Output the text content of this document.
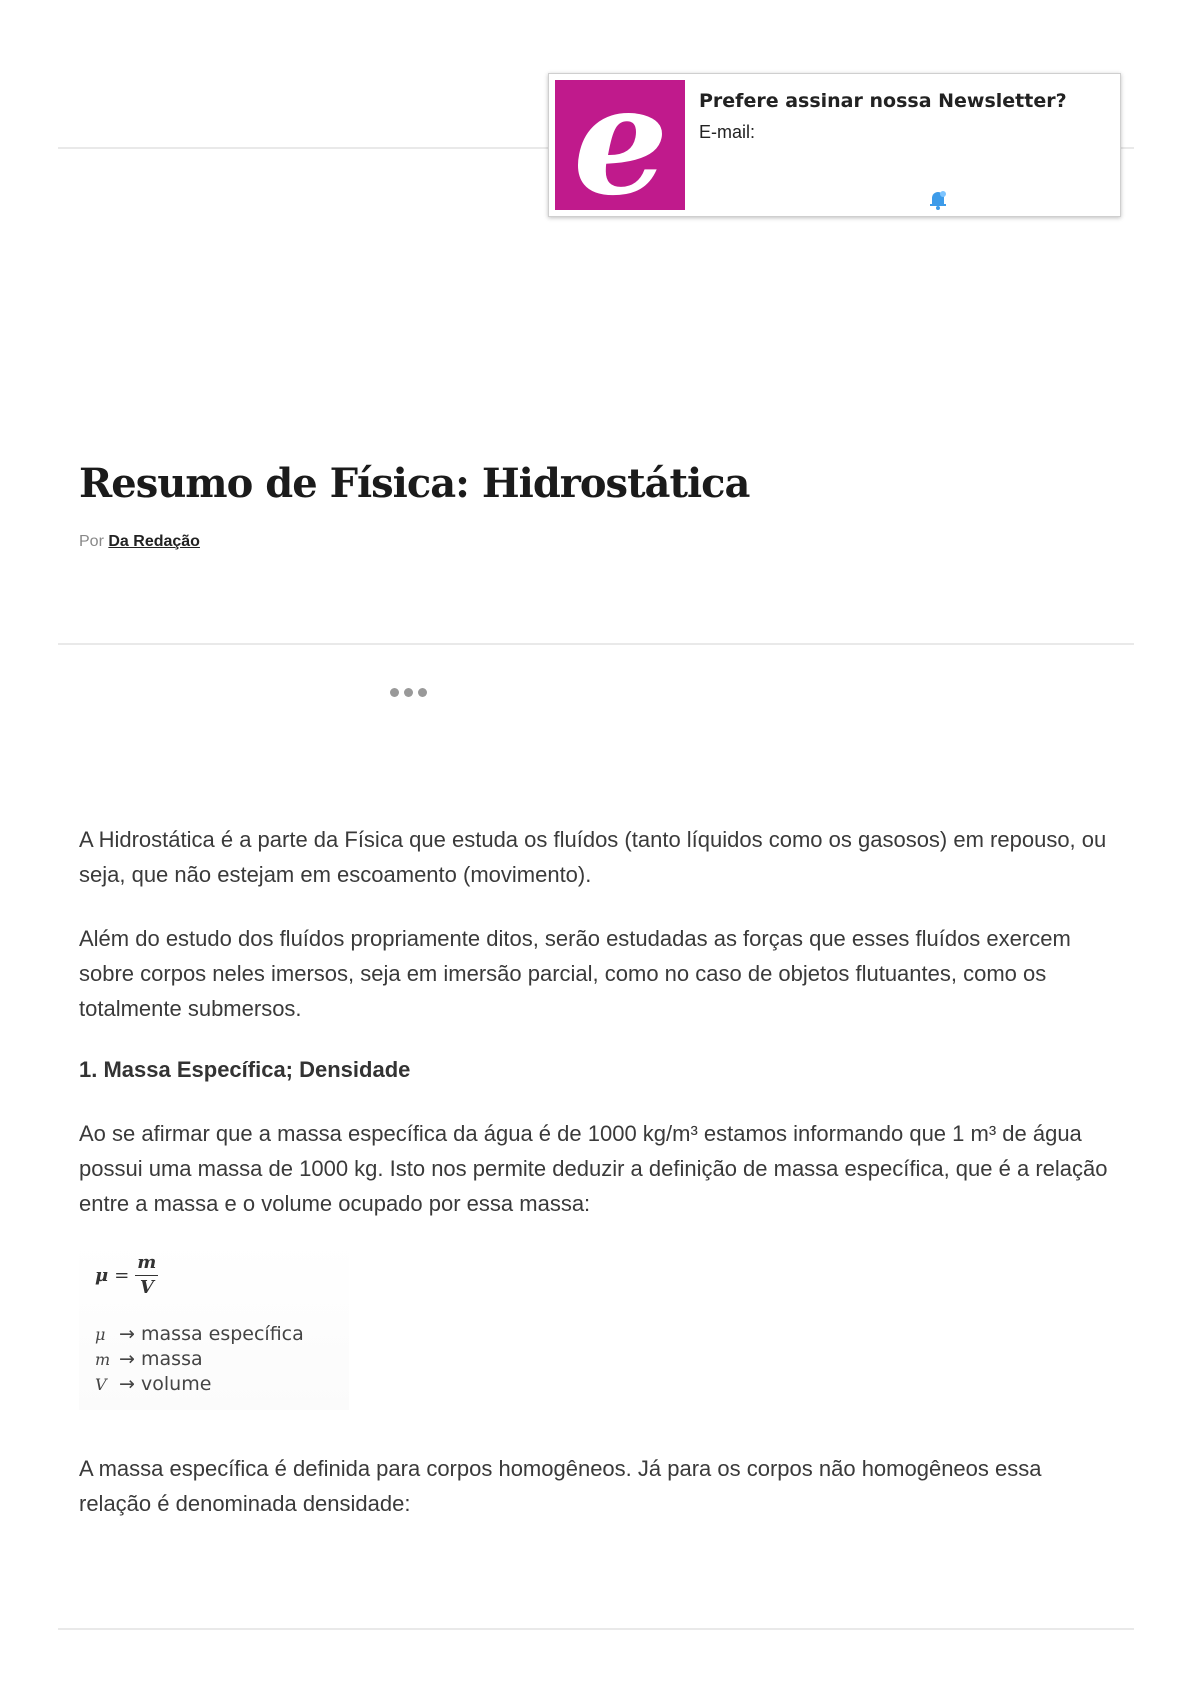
e Prefere assinar nossa Newsletter?
E-mail:
Resumo de Física: Hidrostática
Por Da Redação

A Hidrostática é a parte da Física que estuda os fluídos (tanto líquidos como os gasosos) em repouso, ou seja, que não estejam em escoamento (movimento).

Além do estudo dos fluídos propriamente ditos, serão estudadas as forças que esses fluídos exercem sobre corpos neles imersos, seja em imersão parcial, como no caso de objetos flutuantes, como os totalmente submersos.

1. Massa Específica; Densidade

Ao se afirmar que a massa específica da água é de 1000 kg/m³ estamos informando que 1 m³ de água possui uma massa de 1000 kg. Isto nos permite deduzir a definição de massa específica, que é a relação entre a massa e o volume ocupado por essa massa:

$\mu = \frac{m}{V}$
μ → massa específica
m → massa
V → volume

A massa específica é definida para corpos homogêneos. Já para os corpos não homogêneos essa relação é denominada densidade:
